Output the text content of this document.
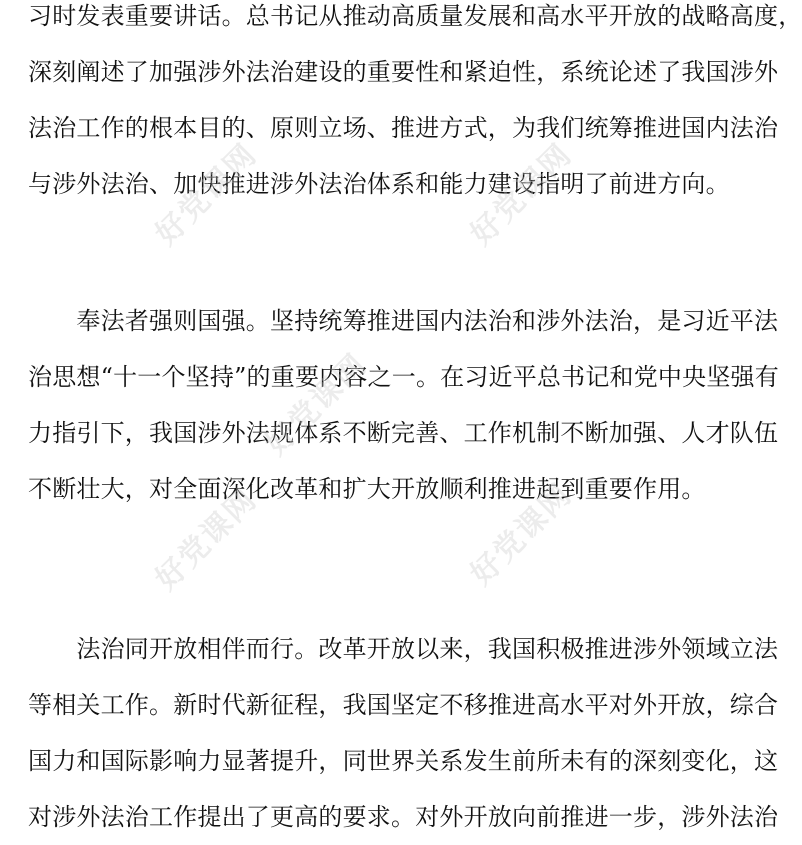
习时发表重要讲话。总书记从推动高质量发展和高水平开放的战略高度，
深刻阐述了加强涉外法治建设的重要性和紧迫性，系统论述了我国涉外
法治工作的根本目的、原则立场、推进方式，为我们统筹推进国内法治
与涉外法治、加快推进涉外法治体系和能力建设指明了前进方向。
　　奉法者强则国强。坚持统筹推进国内法治和涉外法治，是习近平法
治思想“十一个坚持”的重要内容之一。在习近平总书记和党中央坚强有
力指引下，我国涉外法规体系不断完善、工作机制不断加强、人才队伍
不断壮大，对全面深化改革和扩大开放顺利推进起到重要作用。
　　法治同开放相伴而行。改革开放以来，我国积极推进涉外领域立法
等相关工作。新时代新征程，我国坚定不移推进高水平对外开放，综合
国力和国际影响力显著提升，同世界关系发生前所未有的深刻变化，这
对涉外法治工作提出了更高的要求。对外开放向前推进一步，涉外法治
好党课网	好党课网
好党课网
好党课网	好党课网
